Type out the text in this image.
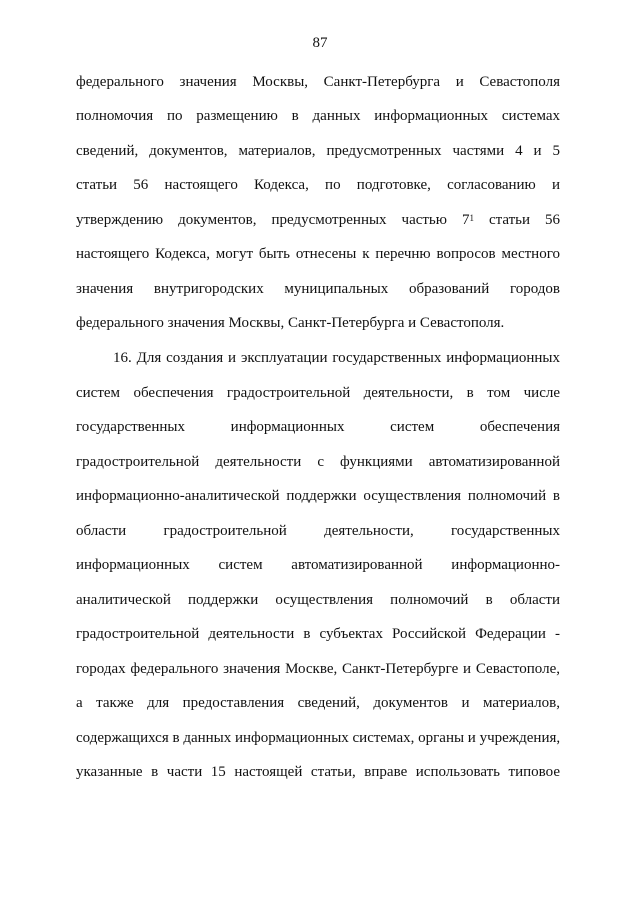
87
федерального значения Москвы, Санкт-Петербурга и Севастополя
полномочия по размещению в данных информационных системах
сведений, документов, материалов, предусмотренных частями 4 и 5
статьи 56 настоящего Кодекса, по подготовке, согласованию и
утверждению документов, предусмотренных частью $7^1$ статьи 56
настоящего Кодекса, могут быть отнесены к перечню вопросов местного
значения внутригородских муниципальных образований городов
федерального значения Москвы, Санкт-Петербурга и Севастополя.
16. Для создания и эксплуатации государственных информационных
систем обеспечения градостроительной деятельности, в том числе
государственных информационных систем обеспечения
градостроительной деятельности с функциями автоматизированной
информационно-аналитической поддержки осуществления полномочий в
области градостроительной деятельности, государственных
информационных систем автоматизированной информационно-
аналитической поддержки осуществления полномочий в области
градостроительной деятельности в субъектах Российской Федерации -
городах федерального значения Москве, Санкт-Петербурге и Севастополе,
а также для предоставления сведений, документов и материалов,
содержащихся в данных информационных системах, органы и учреждения,
указанные в части 15 настоящей статьи, вправе использовать типовое
